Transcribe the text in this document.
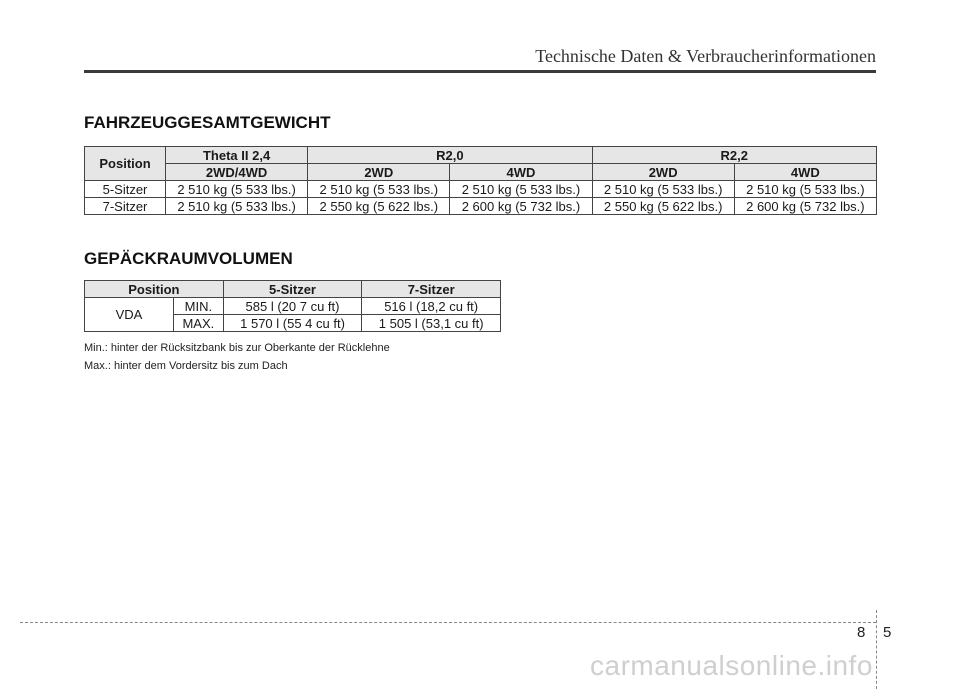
Technische Daten & Verbraucherinformationen
FAHRZEUGGESAMTGEWICHT
Position	Theta II 2,4	R2,0		R2,2	
	2WD/4WD	2WD	4WD	2WD	4WD
5-Sitzer	2 510 kg (5 533 lbs.)	2 510 kg (5 533 lbs.)	2 510 kg (5 533 lbs.)	2 510 kg (5 533 lbs.)	2 510 kg (5 533 lbs.)
7-Sitzer	2 510 kg (5 533 lbs.)	2 550 kg (5 622 lbs.)	2 600 kg (5 732 lbs.)	2 550 kg (5 622 lbs.)	2 600 kg (5 732 lbs.)
GEPÄCKRAUMVOLUMEN
Position		5-Sitzer	7-Sitzer
VDA	MIN.	585 l (20 7 cu ft)	516 l (18,2 cu ft)
	MAX.	1 570 l (55 4 cu ft)	1 505 l (53,1 cu ft)
Min.: hinter der Rücksitzbank bis zur Oberkante der Rücklehne
Max.: hinter dem Vordersitz bis zum Dach
8 5
carmanualsonline.info
